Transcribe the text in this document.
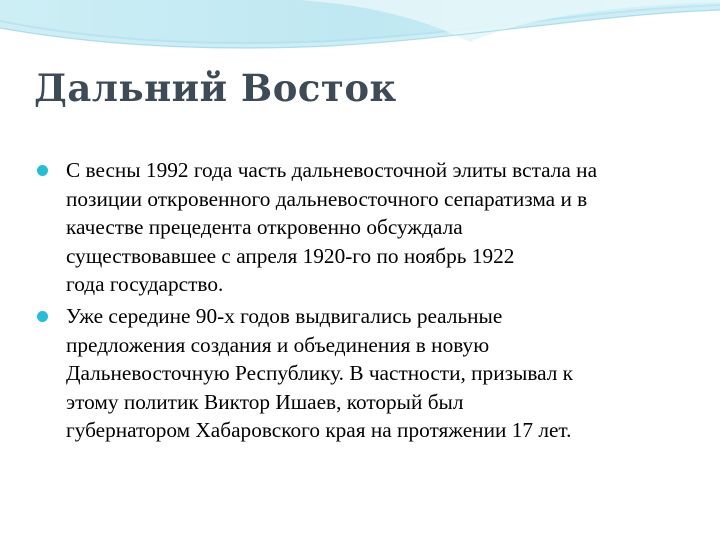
Дальний Восток
С весны 1992 года часть дальневосточной элиты встала на
позиции откровенного дальневосточного сепаратизма и в
качестве прецедента откровенно обсуждала
существовавшее с апреля 1920-го по ноябрь 1922
года государство.
Уже середине 90-х годов выдвигались реальные
предложения создания и объединения в новую
Дальневосточную Республику. В частности, призывал к
этому политик Виктор Ишаев, который был
губернатором Хабаровского края на протяжении 17 лет.
